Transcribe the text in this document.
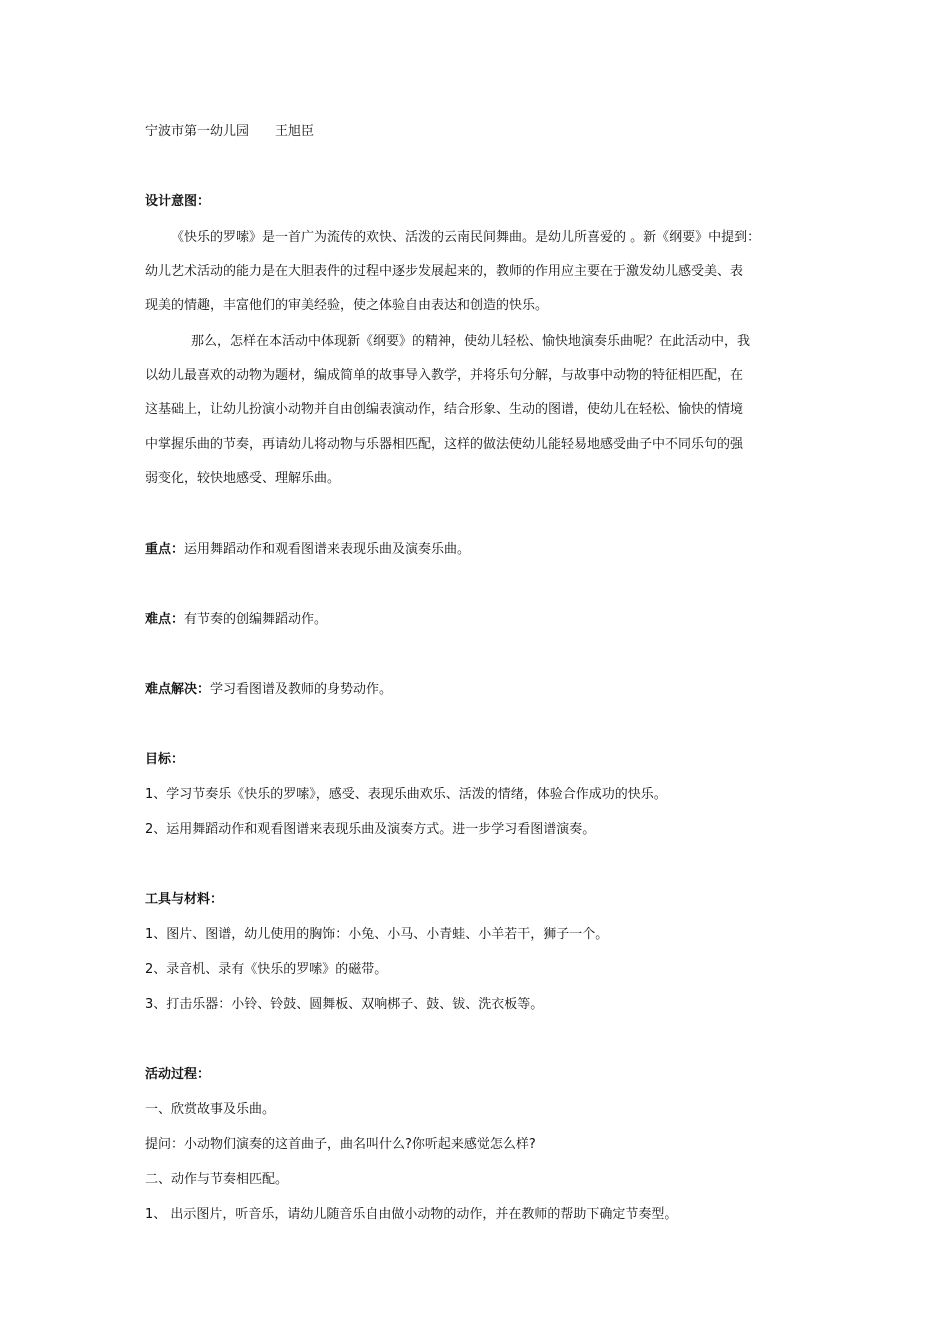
宁波市第一幼儿园 王旭臣
设计意图：
《快乐的罗嗦》是一首广为流传的欢快、活泼的云南民间舞曲。是幼儿所喜爱的 。新《纲要》中提到：
幼儿艺术活动的能力是在大胆表件的过程中逐步发展起来的，教师的作用应主要在于激发幼儿感受美、表
现美的情趣，丰富他们的审美经验，使之体验自由表达和创造的快乐。
那么，怎样在本活动中体现新《纲要》的精神，使幼儿轻松、愉快地演奏乐曲呢？在此活动中，我
以幼儿最喜欢的动物为题材，编成简单的故事导入教学，并将乐句分解，与故事中动物的特征相匹配，在
这基础上，让幼儿扮演小动物并自由创编表演动作，结合形象、生动的图谱，使幼儿在轻松、愉快的情境
中掌握乐曲的节奏，再请幼儿将动物与乐器相匹配，这样的做法使幼儿能轻易地感受曲子中不同乐句的强
弱变化，较快地感受、理解乐曲。
重点：运用舞蹈动作和观看图谱来表现乐曲及演奏乐曲。
难点：有节奏的创编舞蹈动作。
难点解决：学习看图谱及教师的身势动作。
目标：
1、学习节奏乐《快乐的罗嗦》，感受、表现乐曲欢乐、活泼的情绪，体验合作成功的快乐。
2、运用舞蹈动作和观看图谱来表现乐曲及演奏方式。进一步学习看图谱演奏。
工具与材料：
1、图片、图谱，幼儿使用的胸饰：小兔、小马、小青蛙、小羊若干，狮子一个。
2、录音机、录有《快乐的罗嗦》的磁带。
3、打击乐器：小铃、铃鼓、圆舞板、双响梆子、鼓、钹、洗衣板等。
活动过程：
一、欣赏故事及乐曲。
提问：小动物们演奏的这首曲子，曲名叫什么?你听起来感觉怎么样?
二、动作与节奏相匹配。
1、 出示图片，听音乐，请幼儿随音乐自由做小动物的动作，并在教师的帮助下确定节奏型。
